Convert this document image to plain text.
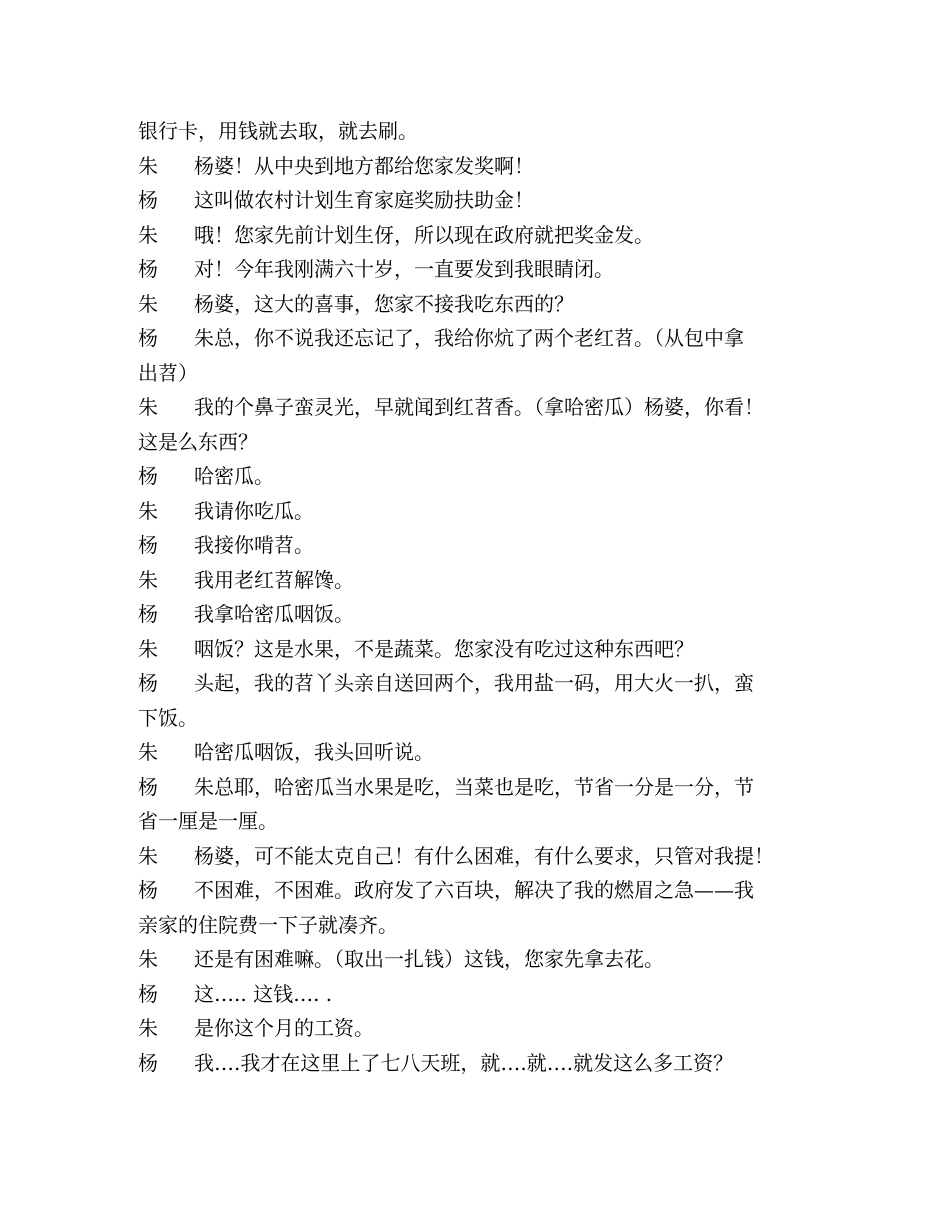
银行卡，用钱就去取，就去刷。
朱 杨婆！从中央到地方都给您家发奖啊！
杨 这叫做农村计划生育家庭奖励扶助金！
朱 哦！您家先前计划生伢，所以现在政府就把奖金发。
杨 对！今年我刚满六十岁，一直要发到我眼睛闭。
朱 杨婆，这大的喜事，您家不接我吃东西的？
杨 朱总，你不说我还忘记了，我给你炕了两个老红苕。（从包中拿
出苕）
朱 我的个鼻子蛮灵光，早就闻到红苕香。（拿哈密瓜）杨婆，你看！
这是么东西？
杨 哈密瓜。
朱 我请你吃瓜。
杨 我接你啃苕。
朱 我用老红苕解馋。
杨 我拿哈密瓜咽饭。
朱 咽饭？这是水果，不是蔬菜。您家没有吃过这种东西吧？
杨 头起，我的苕丫头亲自送回两个，我用盐一码，用大火一扒，蛮
下饭。
朱 哈密瓜咽饭，我头回听说。
杨 朱总耶，哈密瓜当水果是吃，当菜也是吃，节省一分是一分，节
省一厘是一厘。
朱 杨婆，可不能太克自己！有什么困难，有什么要求，只管对我提！
杨 不困难，不困难。政府发了六百块，解决了我的燃眉之急——我
亲家的住院费一下子就凑齐。
朱 还是有困难嘛。（取出一扎钱）这钱，您家先拿去花。
杨 这….. 这钱…. .
朱 是你这个月的工资。
杨 我….我才在这里上了七八天班，就….就….就发这么多工资？
